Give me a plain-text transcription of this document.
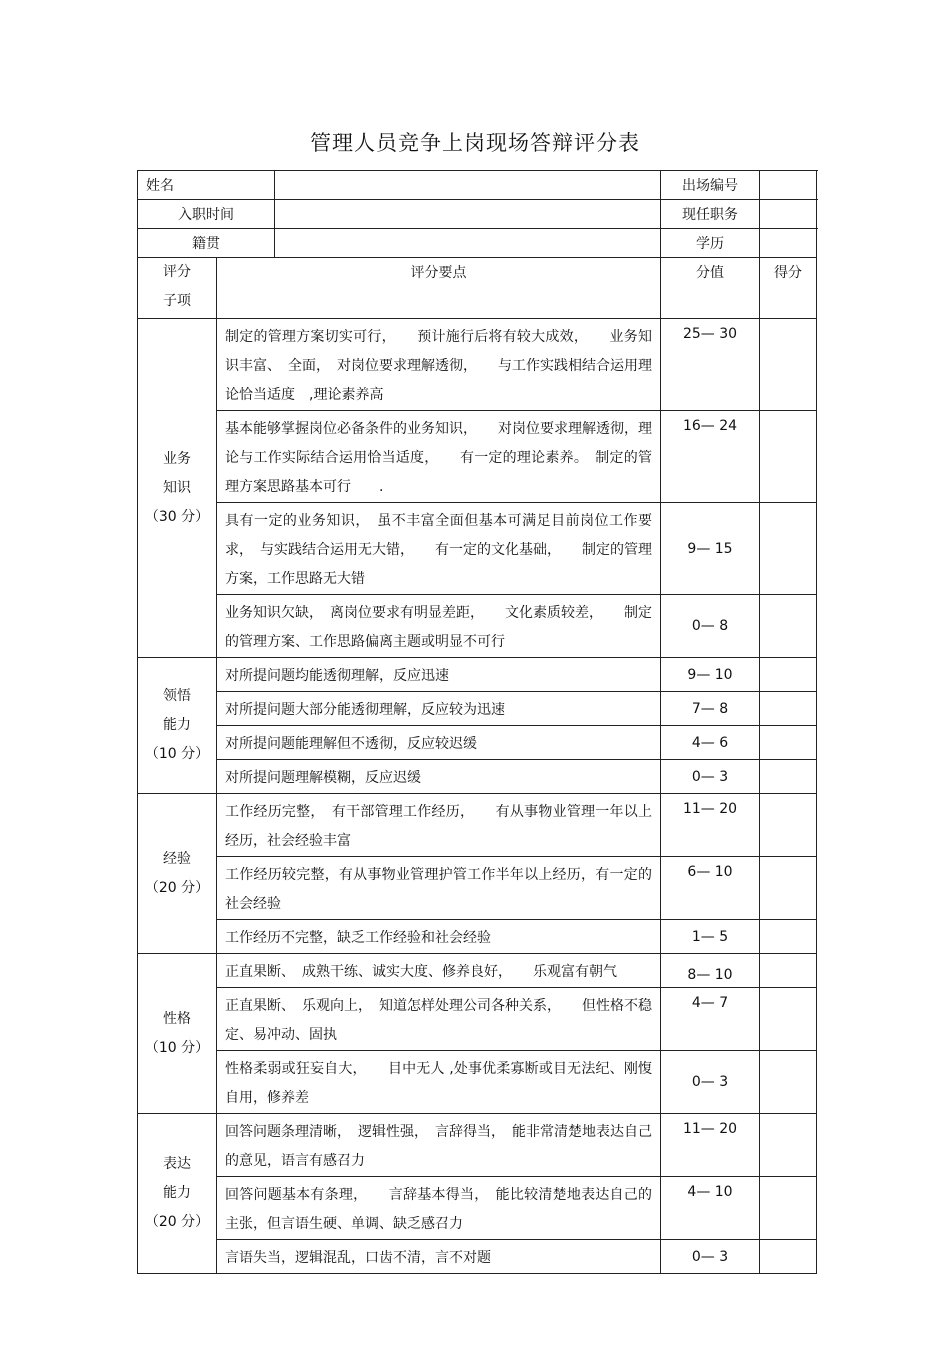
管理人员竞争上岗现场答辩评分表
姓名			出场编号	
入职时间			现任职务	
籍贯			学历	

评分
子项	评分要点		分值	得分

业务
知识
（30 分）	制定的管理方案切实可行，　　预计施行后将有较大成效，　　业务知识丰富、　全面，　对岗位要求理解透彻，　　与工作实践相结合运用理论恰当适度　,理论素养高		25— 30	
	基本能够掌握岗位必备条件的业务知识，　　对岗位要求理解透彻，理论与工作实际结合运用恰当适度，　　有一定的理论素养。　制定的管理方案思路基本可行　　.		16— 24	
	具有一定的业务知识，　虽不丰富全面但基本可满足目前岗位工作要求，　与实践结合运用无大错，　　有一定的文化基础，　　制定的管理方案，工作思路无大错		9— 15	
	业务知识欠缺，　离岗位要求有明显差距，　　文化素质较差，　　制定的管理方案、工作思路偏离主题或明显不可行		0— 8	

领悟
能力
（10 分）	对所提问题均能透彻理解，反应迅速		9— 10	
	对所提问题大部分能透彻理解，反应较为迅速		7— 8	
	对所提问题能理解但不透彻，反应较迟缓		4— 6	
	对所提问题理解模糊，反应迟缓		0— 3	

经验
（20 分）	工作经历完整，　有干部管理工作经历，　　有从事物业管理一年以上经历，社会经验丰富		11— 20	
	工作经历较完整，有从事物业管理护管工作半年以上经历，有一定的社会经验		6— 10	
	工作经历不完整，缺乏工作经验和社会经验		1— 5	

性格
（10 分）	正直果断、　成熟干练、诚实大度、修养良好，　　乐观富有朝气		8— 10	
	正直果断、　乐观向上，　知道怎样处理公司各种关系，　　但性格不稳定、易冲动、固执		4— 7	
	性格柔弱或狂妄自大，　　目中无人 ,处事优柔寡断或目无法纪、刚愎自用，修养差		0— 3	

表达
能力
（20 分）	回答问题条理清晰，　逻辑性强，　言辞得当，　能非常清楚地表达自己的意见，语言有感召力		11— 20	
	回答问题基本有条理，　　言辞基本得当，　能比较清楚地表达自己的主张，但言语生硬、单调、缺乏感召力		4— 10	
	言语失当，逻辑混乱，口齿不清，言不对题		0— 3	
